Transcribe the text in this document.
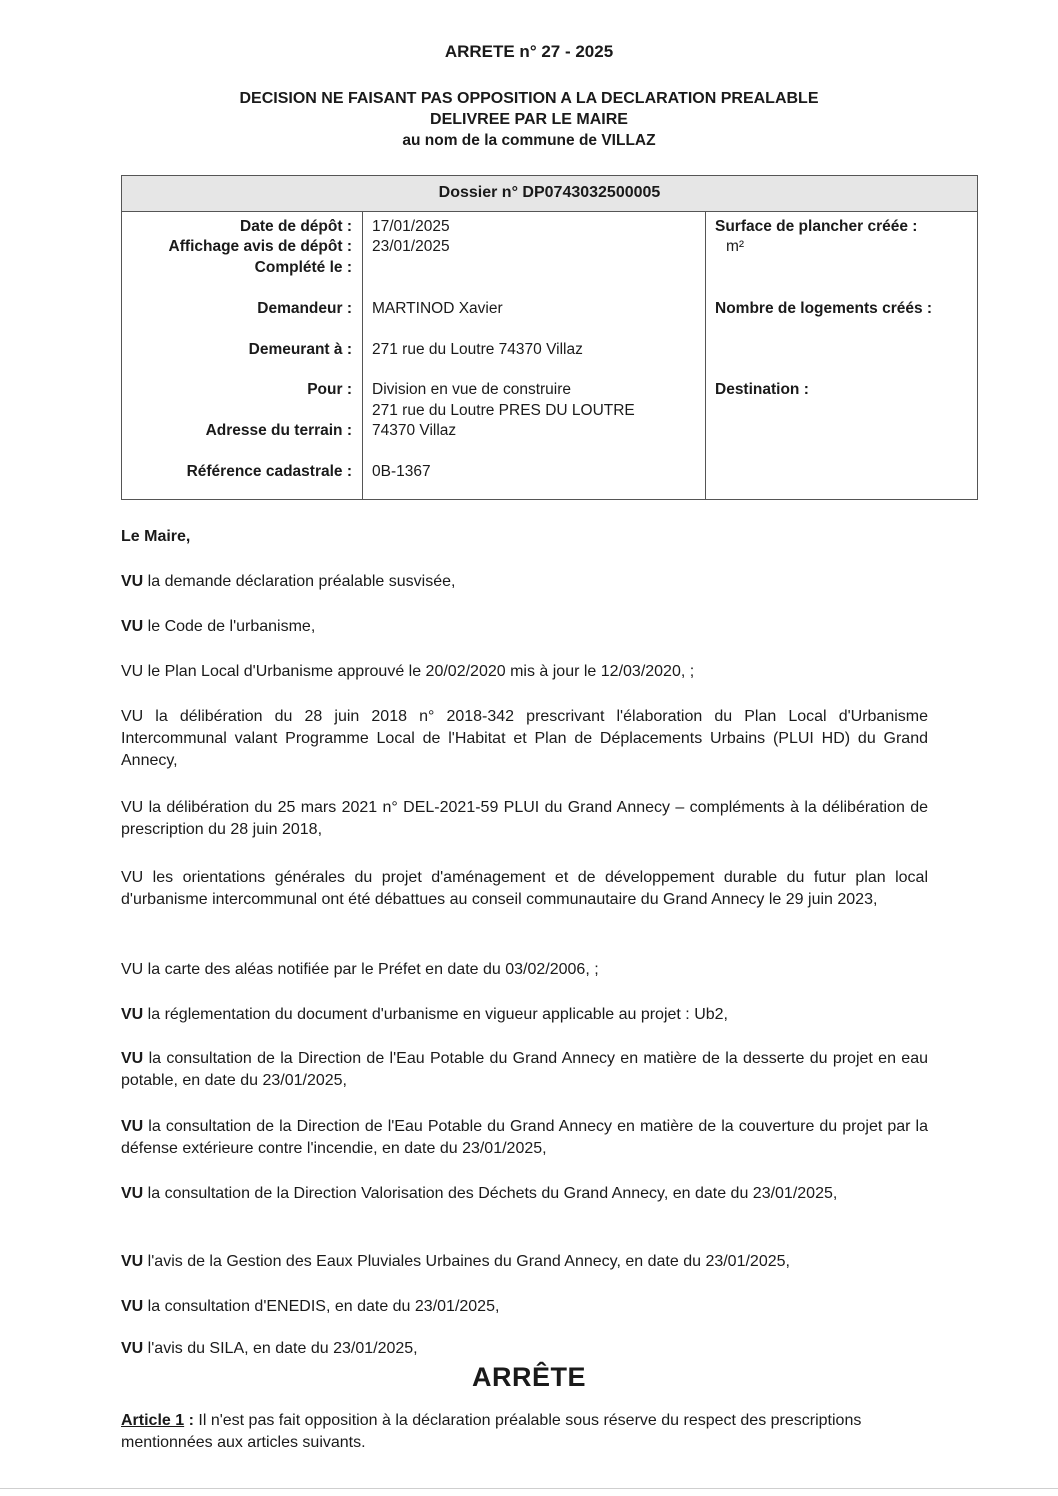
ARRETE n° 27 - 2025
DECISION NE FAISANT PAS OPPOSITION A LA DECLARATION PREALABLE
DELIVREE PAR LE MAIRE
au nom de la commune de VILLAZ
Dossier n° DP0743032500005
Date de dépôt :
Affichage avis de dépôt :
Complété le :
Demandeur :
Demeurant à :
Pour :
Adresse du terrain :
Référence cadastrale :
17/01/2025
23/01/2025
MARTINOD Xavier
271 rue du Loutre 74370 Villaz
Division en vue de construire
271 rue du Loutre PRES DU LOUTRE
74370 Villaz
0B-1367
Surface de plancher créée :
m²
Nombre de logements créés :
Destination :
Le Maire,
VU la demande déclaration préalable susvisée,
VU le Code de l'urbanisme,
VU le Plan Local d'Urbanisme approuvé le 20/02/2020 mis à jour le 12/03/2020, ;
VU la délibération du 28 juin 2018 n° 2018-342 prescrivant l'élaboration du Plan Local d'Urbanisme Intercommunal valant Programme Local de l'Habitat et Plan de Déplacements Urbains (PLUI HD) du Grand Annecy,
VU la délibération du 25 mars 2021 n° DEL-2021-59 PLUI du Grand Annecy – compléments à la délibération de prescription du 28 juin 2018,
VU les orientations générales du projet d'aménagement et de développement durable du futur plan local d'urbanisme intercommunal ont été débattues au conseil communautaire du Grand Annecy le 29 juin 2023,
VU la carte des aléas notifiée par le Préfet en date du 03/02/2006, ;
VU la réglementation du document d'urbanisme en vigueur applicable au projet : Ub2,
VU la consultation de la Direction de l'Eau Potable du Grand Annecy en matière de la desserte du projet en eau potable, en date du 23/01/2025,
VU la consultation de la Direction de l'Eau Potable du Grand Annecy en matière de la couverture du projet par la défense extérieure contre l'incendie, en date du 23/01/2025,
VU la consultation de la Direction Valorisation des Déchets du Grand Annecy, en date du 23/01/2025,
VU l'avis de la Gestion des Eaux Pluviales Urbaines du Grand Annecy, en date du 23/01/2025,
VU la consultation d'ENEDIS, en date du 23/01/2025,
VU l'avis du SILA, en date du 23/01/2025,
ARRÊTE
Article 1 : Il n'est pas fait opposition à la déclaration préalable sous réserve du respect des prescriptions mentionnées aux articles suivants.
